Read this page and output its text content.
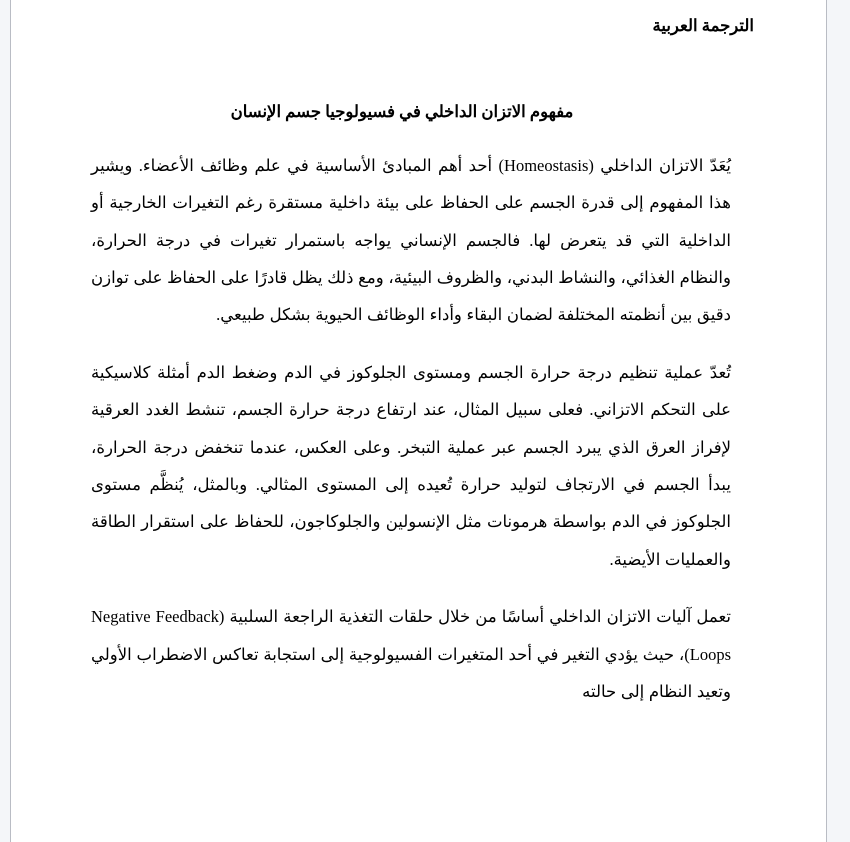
الترجمة العربية
مفهوم الاتزان الداخلي في فسيولوجيا جسم الإنسان

يُعَدّ الاتزان الداخلي (Homeostasis) أحد أهم المبادئ الأساسية في علم وظائف الأعضاء. ويشير هذا المفهوم إلى قدرة الجسم على الحفاظ على بيئة داخلية مستقرة رغم التغيرات الخارجية أو الداخلية التي قد يتعرض لها. فالجسم الإنساني يواجه باستمرار تغيرات في درجة الحرارة، والنظام الغذائي، والنشاط البدني، والظروف البيئية، ومع ذلك يظل قادرًا على الحفاظ على توازن دقيق بين أنظمته المختلفة لضمان البقاء وأداء الوظائف الحيوية بشكل طبيعي.

تُعدّ عملية تنظيم درجة حرارة الجسم ومستوى الجلوكوز في الدم وضغط الدم أمثلة كلاسيكية على التحكم الاتزاني. فعلى سبيل المثال، عند ارتفاع درجة حرارة الجسم، تنشط الغدد العرقية لإفراز العرق الذي يبرد الجسم عبر عملية التبخر. وعلى العكس، عندما تنخفض درجة الحرارة، يبدأ الجسم في الارتجاف لتوليد حرارة تُعيده إلى المستوى المثالي. وبالمثل، يُنظَّم مستوى الجلوكوز في الدم بواسطة هرمونات مثل الإنسولين والجلوكاجون، للحفاظ على استقرار الطاقة والعمليات الأيضية.

تعمل آليات الاتزان الداخلي أساسًا من خلال حلقات التغذية الراجعة السلبية (Negative Feedback Loops)، حيث يؤدي التغير في أحد المتغيرات الفسيولوجية إلى استجابة تعاكس الاضطراب الأولي وتعيد النظام إلى حالته
